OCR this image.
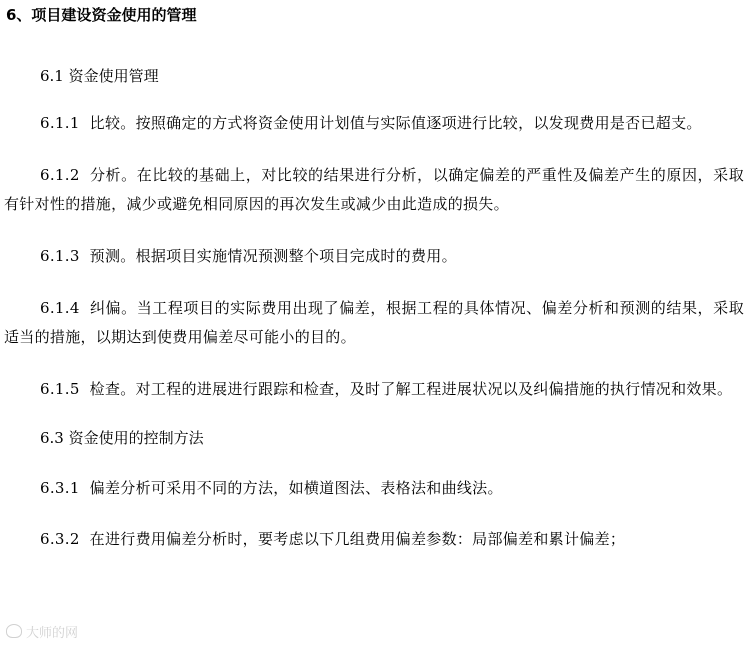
6、项目建设资金使用的管理
6.1 资金使用管理

6.1.1 比较。按照确定的方式将资金使用计划值与实际值逐项进行比较，以发现费用是否已超支。

6.1.2 分析。在比较的基础上，对比较的结果进行分析，以确定偏差的严重性及偏差产生的原因，采取有针对性的措施，减少或避免相同原因的再次发生或减少由此造成的损失。

6.1.3 预测。根据项目实施情况预测整个项目完成时的费用。

6.1.4 纠偏。当工程项目的实际费用出现了偏差，根据工程的具体情况、偏差分析和预测的结果，采取适当的措施，以期达到使费用偏差尽可能小的目的。

6.1.5 检查。对工程的进展进行跟踪和检查，及时了解工程进展状况以及纠偏措施的执行情况和效果。

6.3 资金使用的控制方法

6.3.1 偏差分析可采用不同的方法，如横道图法、表格法和曲线法。

6.3.2 在进行费用偏差分析时，要考虑以下几组费用偏差参数：局部偏差和累计偏差；

大师的网
